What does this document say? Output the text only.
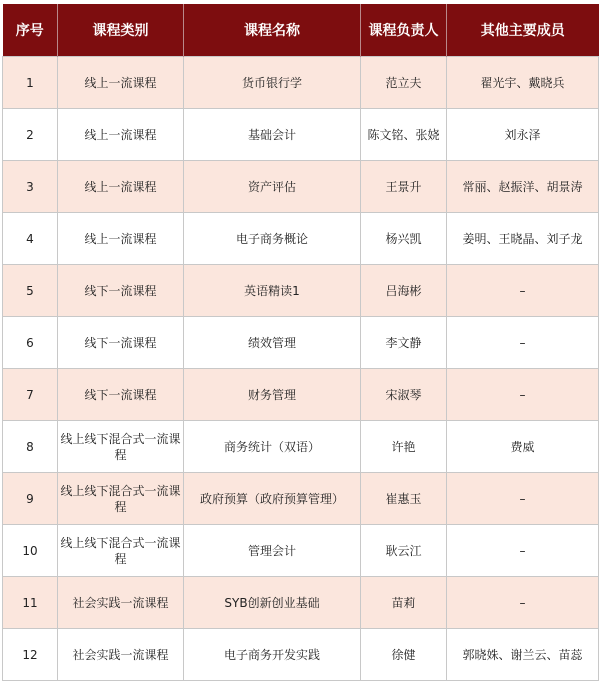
序号	课程类别	课程名称	课程负责人	其他主要成员
1	线上一流课程	货币银行学	范立夫	翟光宇、戴晓兵
2	线上一流课程	基础会计	陈文铭、张娆	刘永泽
3	线上一流课程	资产评估	王景升	常丽、赵振洋、胡景涛
4	线上一流课程	电子商务概论	杨兴凯	姜明、王晓晶、刘子龙
5	线下一流课程	英语精读1	吕海彬	–
6	线下一流课程	绩效管理	李文静	–
7	线下一流课程	财务管理	宋淑琴	–
8	线上线下混合式一流课程	商务统计（双语）	许艳	费威
9	线上线下混合式一流课程	政府预算（政府预算管理）	崔惠玉	–
10	线上线下混合式一流课程	管理会计	耿云江	–
11	社会实践一流课程	SYB创新创业基础	苗莉	–
12	社会实践一流课程	电子商务开发实践	徐健	郭晓姝、谢兰云、苗蕊
